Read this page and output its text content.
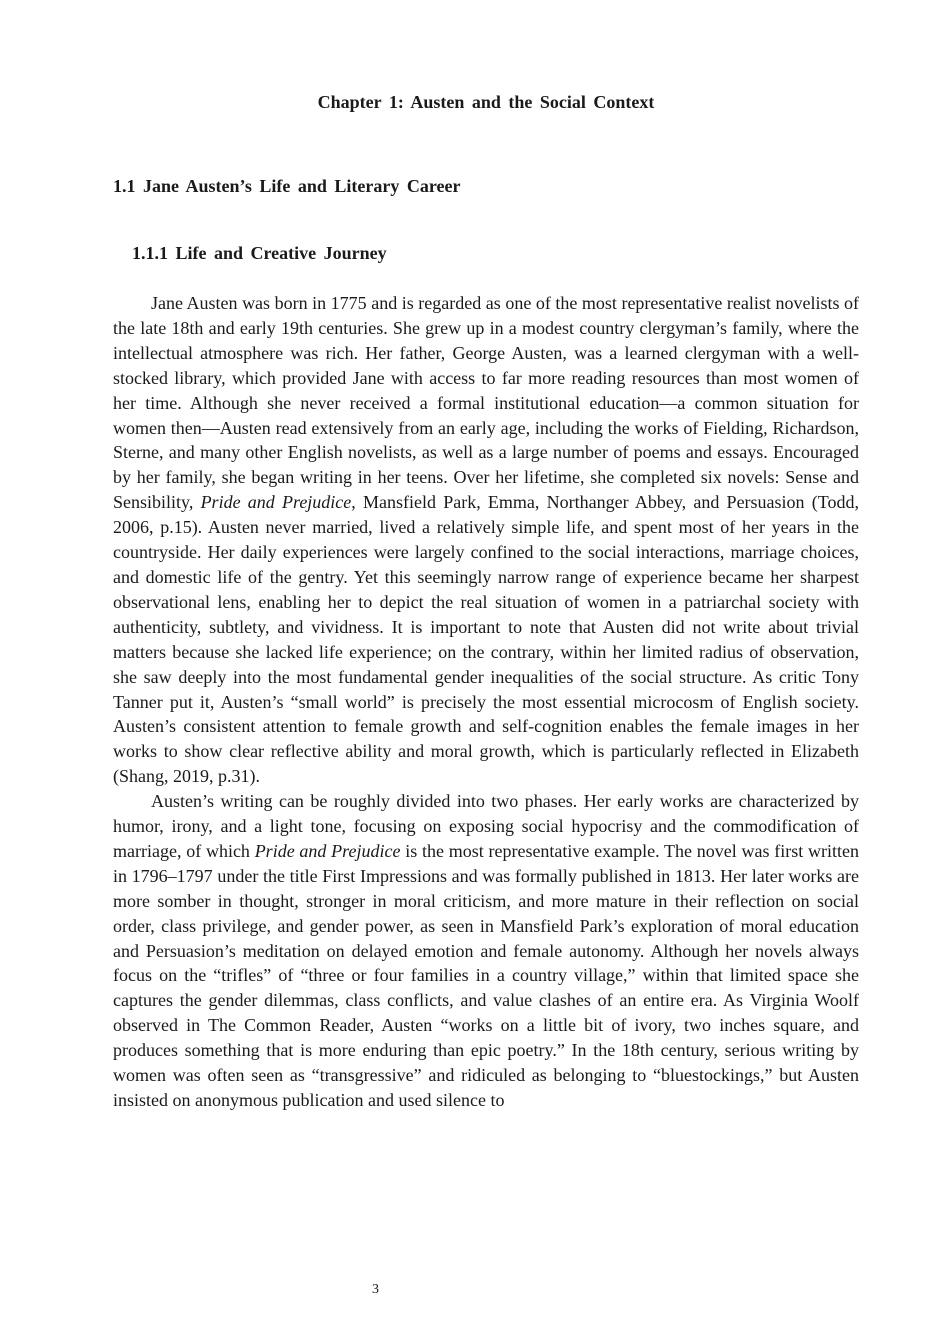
Chapter 1: Austen and the Social Context
1.1 Jane Austen’s Life and Literary Career
1.1.1 Life and Creative Journey

Jane Austen was born in 1775 and is regarded as one of the most representative realist novelists of the late 18th and early 19th centuries. She grew up in a modest country clergyman’s family, where the intellectual atmosphere was rich. Her father, George Austen, was a learned clergyman with a well-stocked library, which provided Jane with access to far more reading resources than most women of her time. Although she never received a formal institutional education—a common situation for women then—Austen read extensively from an early age, including the works of Fielding, Richardson, Sterne, and many other English novelists, as well as a large number of poems and essays. Encouraged by her family, she began writing in her teens. Over her lifetime, she completed six novels: Sense and Sensibility, Pride and Prejudice, Mansfield Park, Emma, Northanger Abbey, and Persuasion (Todd, 2006, p.15). Austen never married, lived a relatively simple life, and spent most of her years in the countryside. Her daily experiences were largely confined to the social interactions, marriage choices, and domestic life of the gentry. Yet this seemingly narrow range of experience became her sharpest observational lens, enabling her to depict the real situation of women in a patriarchal society with authenticity, subtlety, and vividness. It is important to note that Austen did not write about trivial matters because she lacked life experience; on the contrary, within her limited radius of observation, she saw deeply into the most fundamental gender inequalities of the social structure. As critic Tony Tanner put it, Austen’s “small world” is precisely the most essential microcosm of English society. Austen’s consistent attention to female growth and self-cognition enables the female images in her works to show clear reflective ability and moral growth, which is particularly reflected in Elizabeth (Shang, 2019, p.31).

Austen’s writing can be roughly divided into two phases. Her early works are characterized by humor, irony, and a light tone, focusing on exposing social hypocrisy and the commodification of marriage, of which Pride and Prejudice is the most representative example. The novel was first written in 1796–1797 under the title First Impressions and was formally published in 1813. Her later works are more somber in thought, stronger in moral criticism, and more mature in their reflection on social order, class privilege, and gender power, as seen in Mansfield Park’s exploration of moral education and Persuasion’s meditation on delayed emotion and female autonomy. Although her novels always focus on the “trifles” of “three or four families in a country village,” within that limited space she captures the gender dilemmas, class conflicts, and value clashes of an entire era. As Virginia Woolf observed in The Common Reader, Austen “works on a little bit of ivory, two inches square, and produces something that is more enduring than epic poetry.” In the 18th century, serious writing by women was often seen as “transgressive” and ridiculed as belonging to “bluestockings,” but Austen insisted on anonymous publication and used silence to

3
